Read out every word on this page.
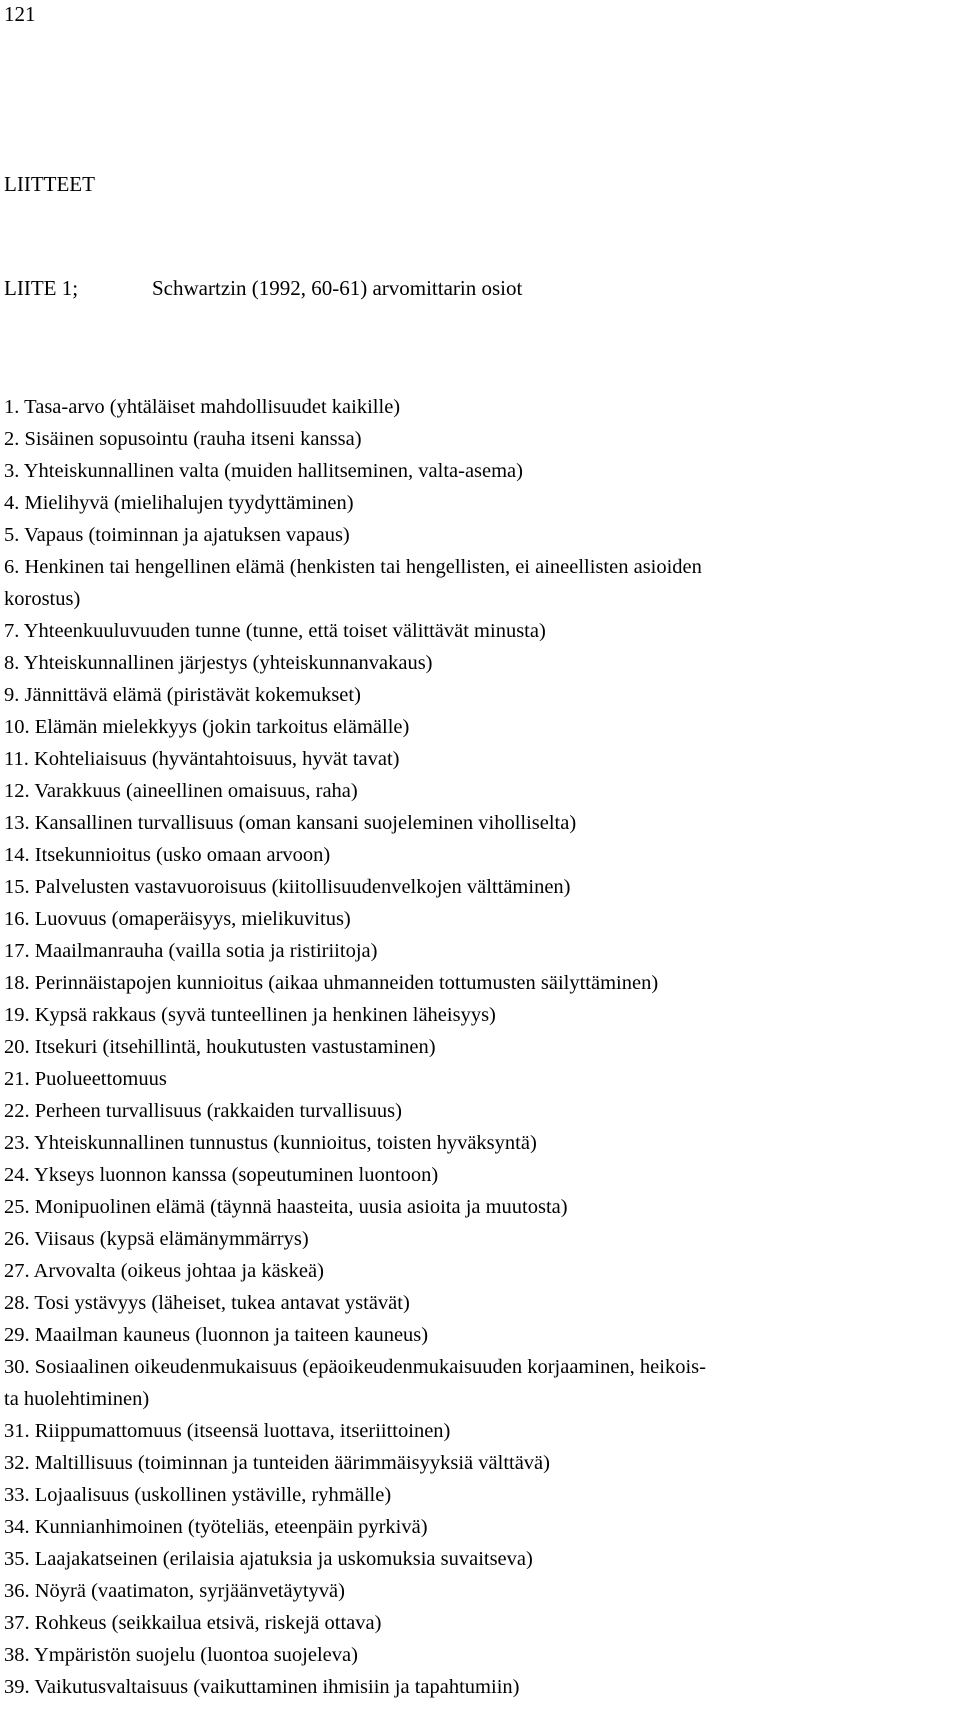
121
LIITTEET
LIITE 1;	Schwartzin (1992, 60-61) arvomittarin osiot
1. Tasa-arvo (yhtäläiset mahdollisuudet kaikille)
2. Sisäinen sopusointu (rauha itseni kanssa)
3. Yhteiskunnallinen valta (muiden hallitseminen, valta-asema)
4. Mielihyvä (mielihalujen tyydyttäminen)
5. Vapaus (toiminnan ja ajatuksen vapaus)
6. Henkinen tai hengellinen elämä (henkisten tai hengellisten, ei aineellisten asioiden
korostus)
7. Yhteenkuuluvuuden tunne (tunne, että toiset välittävät minusta)
8. Yhteiskunnallinen järjestys (yhteiskunnanvakaus)
9. Jännittävä elämä (piristävät kokemukset)
10. Elämän mielekkyys (jokin tarkoitus elämälle)
11. Kohteliaisuus (hyväntahtoisuus, hyvät tavat)
12. Varakkuus (aineellinen omaisuus, raha)
13. Kansallinen turvallisuus (oman kansani suojeleminen viholliselta)
14. Itsekunnioitus (usko omaan arvoon)
15. Palvelusten vastavuoroisuus (kiitollisuudenvelkojen välttäminen)
16. Luovuus (omaperäisyys, mielikuvitus)
17. Maailmanrauha (vailla sotia ja ristiriitoja)
18. Perinnäistapojen kunnioitus (aikaa uhmanneiden tottumusten säilyttäminen)
19. Kypsä rakkaus (syvä tunteellinen ja henkinen läheisyys)
20. Itsekuri (itsehillintä, houkutusten vastustaminen)
21. Puolueettomuus
22. Perheen turvallisuus (rakkaiden turvallisuus)
23. Yhteiskunnallinen tunnustus (kunnioitus, toisten hyväksyntä)
24. Ykseys luonnon kanssa (sopeutuminen luontoon)
25. Monipuolinen elämä (täynnä haasteita, uusia asioita ja muutosta)
26. Viisaus (kypsä elämänymmärrys)
27. Arvovalta (oikeus johtaa ja käskeä)
28. Tosi ystävyys (läheiset, tukea antavat ystävät)
29. Maailman kauneus (luonnon ja taiteen kauneus)
30. Sosiaalinen oikeudenmukaisuus (epäoikeudenmukaisuuden korjaaminen, heikois-
ta huolehtiminen)
31. Riippumattomuus (itseensä luottava, itseriittoinen)
32. Maltillisuus (toiminnan ja tunteiden äärimmäisyyksiä välttävä)
33. Lojaalisuus (uskollinen ystäville, ryhmälle)
34. Kunnianhimoinen (työteliäs, eteenpäin pyrkivä)
35. Laajakatseinen (erilaisia ajatuksia ja uskomuksia suvaitseva)
36. Nöyrä (vaatimaton, syrjäänvetäytyvä)
37. Rohkeus (seikkailua etsivä, riskejä ottava)
38. Ympäristön suojelu (luontoa suojeleva)
39. Vaikutusvaltaisuus (vaikuttaminen ihmisiin ja tapahtumiin)
